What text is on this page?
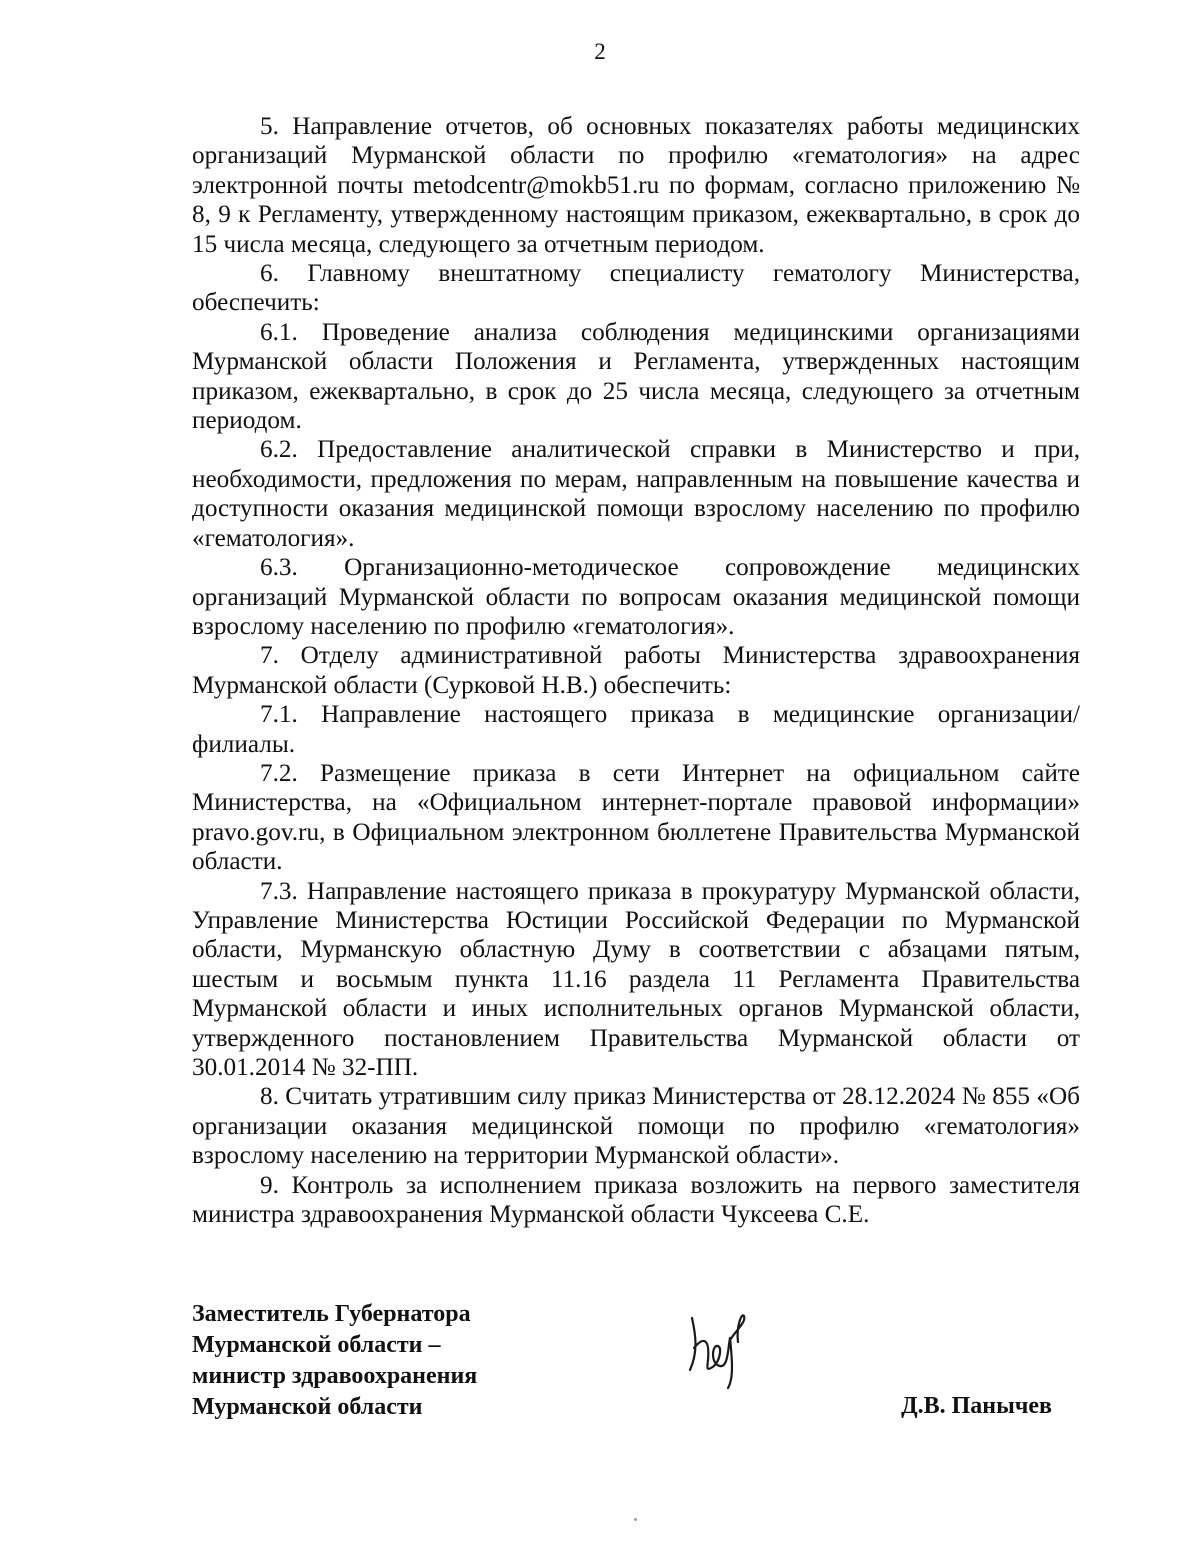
2

5. Направление отчетов, об основных показателях работы медицинских организаций Мурманской области по профилю «гематология» на адрес электронной почты metodcentr@mokb51.ru по формам, согласно приложению № 8, 9 к Регламенту, утвержденному настоящим приказом, ежеквартально, в срок до 15 числа месяца, следующего за отчетным периодом.

6. Главному внештатному специалисту гематологу Министерства, обеспечить:

6.1. Проведение анализа соблюдения медицинскими организациями Мурманской области Положения и Регламента, утвержденных настоящим приказом, ежеквартально, в срок до 25 числа месяца, следующего за отчетным периодом.

6.2. Предоставление аналитической справки в Министерство и при, необходимости, предложения по мерам, направленным на повышение качества и доступности оказания медицинской помощи взрослому населению по профилю «гематология».

6.3. Организационно-методическое сопровождение медицинских организаций Мурманской области по вопросам оказания медицинской помощи взрослому населению по профилю «гематология».

7. Отделу административной работы Министерства здравоохранения Мурманской области (Сурковой Н.В.) обеспечить:

7.1. Направление настоящего приказа в медицинские организации/филиалы.

7.2. Размещение приказа в сети Интернет на официальном сайте Министерства, на «Официальном интернет-портале правовой информации» pravo.gov.ru, в Официальном электронном бюллетене Правительства Мурманской области.

7.3. Направление настоящего приказа в прокуратуру Мурманской области, Управление Министерства Юстиции Российской Федерации по Мурманской области, Мурманскую областную Думу в соответствии с абзацами пятым, шестым и восьмым пункта 11.16 раздела 11 Регламента Правительства Мурманской области и иных исполнительных органов Мурманской области, утвержденного постановлением Правительства Мурманской области от 30.01.2014 № 32-ПП.

8. Считать утратившим силу приказ Министерства от 28.12.2024 № 855 «Об организации оказания медицинской помощи по профилю «гематология» взрослому населению на территории Мурманской области».

9. Контроль за исполнением приказа возложить на первого заместителя министра здравоохранения Мурманской области Чуксеева С.Е.

Заместитель Губернатора
Мурманской области –
министр здравоохранения
Мурманской области	Д.В. Панычев
